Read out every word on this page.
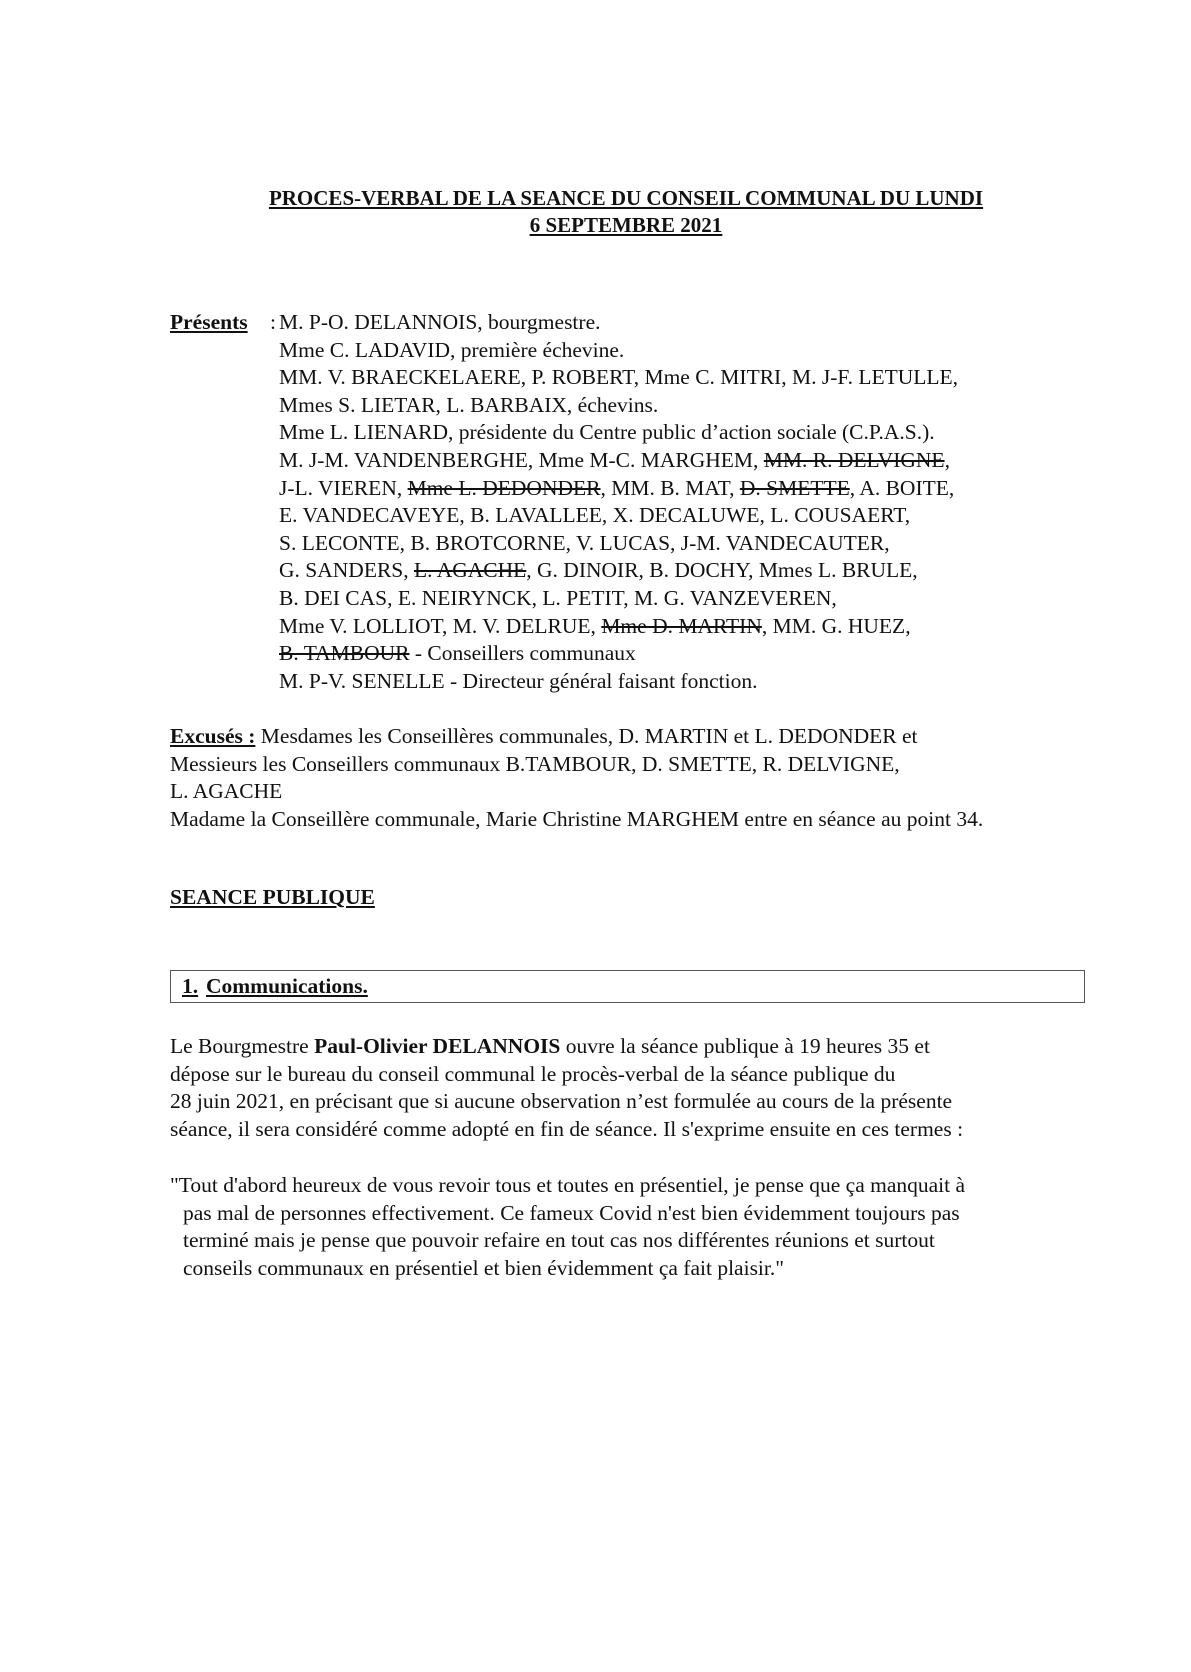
PROCES-VERBAL DE LA SEANCE DU CONSEIL COMMUNAL DU LUNDI
6 SEPTEMBRE 2021
Présents : M. P-O. DELANNOIS, bourgmestre.
Mme C. LADAVID, première échevine.
MM. V. BRAECKELAERE, P. ROBERT, Mme C. MITRI, M. J-F. LETULLE,
Mmes S. LIETAR, L. BARBAIX, échevins.
Mme L. LIENARD, présidente du Centre public d’action sociale (C.P.A.S.).
M. J-M. VANDENBERGHE, Mme M-C. MARGHEM, MM. R. DELVIGNE,
J-L. VIEREN, Mme L. DEDONDER, MM. B. MAT, D. SMETTE, A. BOITE,
E. VANDECAVEYE, B. LAVALLEE, X. DECALUWE, L. COUSAERT,
S. LECONTE, B. BROTCORNE, V. LUCAS, J-M. VANDECAUTER,
G. SANDERS, L. AGACHE, G. DINOIR, B. DOCHY, Mmes L. BRULE,
B. DEI CAS, E. NEIRYNCK, L. PETIT, M. G. VANZEVEREN,
Mme V. LOLLIOT, M. V. DELRUE, Mme D. MARTIN, MM. G. HUEZ,
B. TAMBOUR - Conseillers communaux
M. P-V. SENELLE - Directeur général faisant fonction.
Excusés : Mesdames les Conseillères communales, D. MARTIN et L. DEDONDER et
Messieurs les Conseillers communaux B.TAMBOUR, D. SMETTE, R. DELVIGNE,
L. AGACHE
Madame la Conseillère communale, Marie Christine MARGHEM entre en séance au point 34.
SEANCE PUBLIQUE
1. Communications.
Le Bourgmestre Paul-Olivier DELANNOIS ouvre la séance publique à 19 heures 35 et
dépose sur le bureau du conseil communal le procès-verbal de la séance publique du
28 juin 2021, en précisant que si aucune observation n’est formulée au cours de la présente
séance, il sera considéré comme adopté en fin de séance. Il s'exprime ensuite en ces termes :
"Tout d'abord heureux de vous revoir tous et toutes en présentiel, je pense que ça manquait à
pas mal de personnes effectivement. Ce fameux Covid n'est bien évidemment toujours pas
terminé mais je pense que pouvoir refaire en tout cas nos différentes réunions et surtout
conseils communaux en présentiel et bien évidemment ça fait plaisir."
